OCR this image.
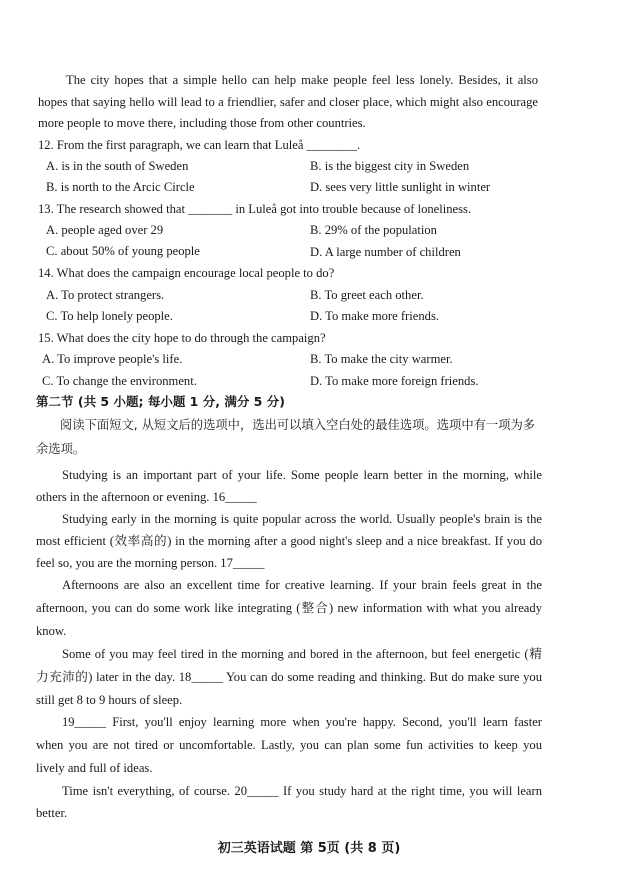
The city hopes that a simple hello can help make people feel less lonely. Besides, it also
hopes that saying hello will lead to a friendlier, safer and closer place, which might also encourage
more people to move there, including those from other countries.
12. From the first paragraph, we can learn that Luleå ________.
A. is in the south of Sweden	B. is the biggest city in Sweden
B. is north to the Arcic Circle	D. sees very little sunlight in winter
13. The research showed that _______ in Luleå got into trouble because of loneliness.
A. people aged over 29	B. 29% of the population
C. about 50% of young people	D. A large number of children
14. What does the campaign encourage local people to do?
A. To protect strangers.	B. To greet each other.
C. To help lonely people.	D. To make more friends.
15. What does the city hope to do through the campaign?
A. To improve people's life.	B. To make the city warmer.
C. To change the environment.	D. To make more foreign friends.
第二节 (共 5 小题; 每小题 1 分, 满分 5 分)
阅读下面短文, 从短文后的选项中，选出可以填入空白处的最佳选项。选项中有一项为多
余选项。
Studying is an important part of your life. Some people learn better in the morning, while
others in the afternoon or evening. 16_____
Studying early in the morning is quite popular across the world. Usually people's brain is the
most efficient (效率高的) in the morning after a good night's sleep and a nice breakfast. If you do
feel so, you are the morning person. 17_____
Afternoons are also an excellent time for creative learning. If your brain feels great in the
afternoon, you can do some work like integrating (整合) new information with what you already
know.
Some of you may feel tired in the morning and bored in the afternoon, but feel energetic (精
力充沛的) later in the day. 18_____ You can do some reading and thinking. But do make sure you
still get 8 to 9 hours of sleep.
19_____ First, you'll enjoy learning more when you're happy. Second, you'll learn faster
when you are not tired or uncomfortable. Lastly, you can plan some fun activities to keep you
lively and full of ideas.
Time isn't everything, of course. 20_____ If you study hard at the right time, you will learn
better.
初三英语试题 第 5页 (共 8 页)
